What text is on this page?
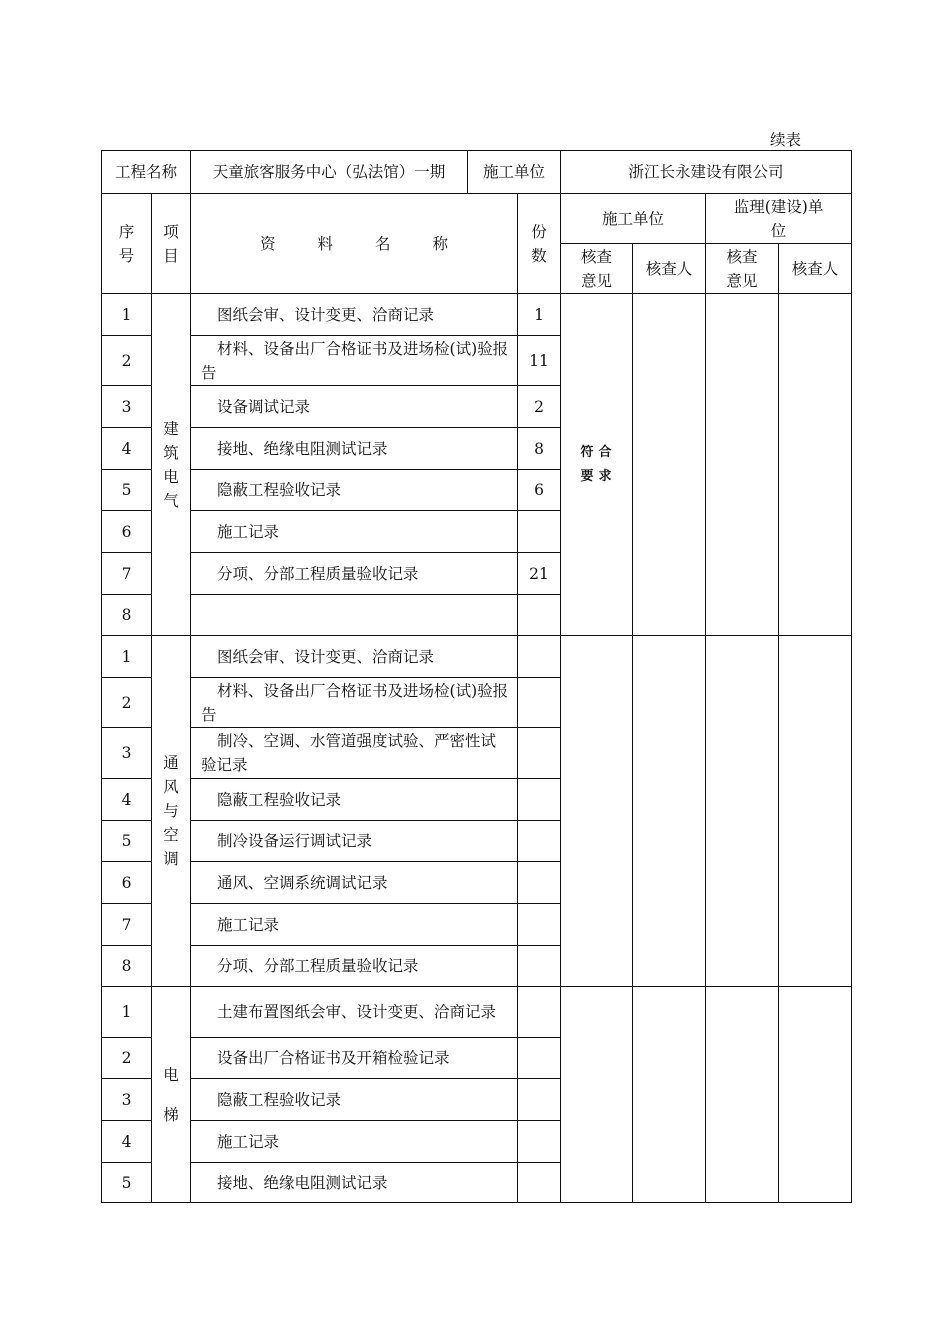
续表
工程名称		天童旅客服务中心（弘法馆）一期 施工单位		浙江长永建设有限公司			
序号	项目	资料名称	份数	施工单位		监理(建设)单位	
				核查意见	核查人	核查意见	核查人
1	建筑电气	图纸会审、设计变更、洽商记录	1	符合要求			
2		材料、设备出厂合格证书及进场检(试)验报告	11				
3		设备调试记录	2				
4		接地、绝缘电阻测试记录	8				
5		隐蔽工程验收记录	6				
6		施工记录					
7		分项、分部工程质量验收记录	21				
8							
1	通风与空调	图纸会审、设计变更、洽商记录					
2		材料、设备出厂合格证书及进场检(试)验报告					
3		制冷、空调、水管道强度试验、严密性试验记录					
4		隐蔽工程验收记录					
5		制冷设备运行调试记录					
6		通风、空调系统调试记录					
7		施工记录					
8		分项、分部工程质量验收记录					
1	电梯	土建布置图纸会审、设计变更、洽商记录					
2		设备出厂合格证书及开箱检验记录					
3		隐蔽工程验收记录					
4		施工记录					
5		接地、绝缘电阻测试记录					
